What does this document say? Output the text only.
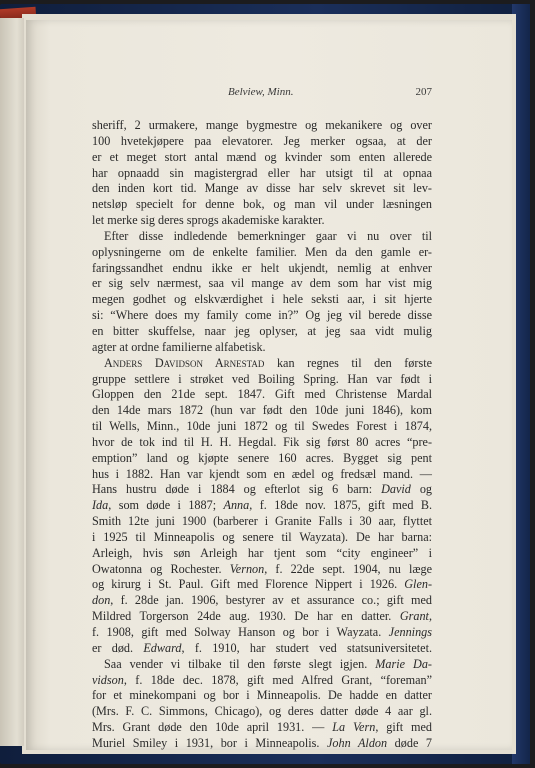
Belview, Minn.	207
sheriff, 2 urmakere, mange bygmestre og mekanikere og over
100 hvetekjøpere paa elevatorer. Jeg merker ogsaa, at der
er et meget stort antal mænd og kvinder som enten allerede
har opnaadd sin magistergrad eller har utsigt til at opnaa
den inden kort tid. Mange av disse har selv skrevet sit lev-
netsløp specielt for denne bok, og man vil under læsningen
let merke sig deres sprogs akademiske karakter.
Efter disse indledende bemerkninger gaar vi nu over til
oplysningerne om de enkelte familier. Men da den gamle er-
faringssandhet endnu ikke er helt ukjendt, nemlig at enhver
er sig selv nærmest, saa vil mange av dem som har vist mig
megen godhet og elskværdighet i hele seksti aar, i sit hjerte
si: “Where does my family come in?” Og jeg vil berede disse
en bitter skuffelse, naar jeg oplyser, at jeg saa vidt mulig
agter at ordne familierne alfabetisk.
Anders Davidson Arnestad kan regnes til den første
gruppe settlere i strøket ved Boiling Spring. Han var født i
Gloppen den 21de sept. 1847. Gift med Christense Mardal
den 14de mars 1872 (hun var født den 10de juni 1846), kom
til Wells, Minn., 10de juni 1872 og til Swedes Forest i 1874,
hvor de tok ind til H. H. Hegdal. Fik sig først 80 acres “pre-
emption” land og kjøpte senere 160 acres. Bygget sig pent
hus i 1882. Han var kjendt som en ædel og fredsæl mand. —
Hans hustru døde i 1884 og efterlot sig 6 barn: David og
Ida, som døde i 1887; Anna, f. 18de nov. 1875, gift med B.
Smith 12te juni 1900 (barberer i Granite Falls i 30 aar, flyttet
i 1925 til Minneapolis og senere til Wayzata). De har barna:
Arleigh, hvis søn Arleigh har tjent som “city engineer” i
Owatonna og Rochester. Vernon, f. 22de sept. 1904, nu læge
og kirurg i St. Paul. Gift med Florence Nippert i 1926. Glen-
don, f. 28de jan. 1906, bestyrer av et assurance co.; gift med
Mildred Torgerson 24de aug. 1930. De har en datter. Grant,
f. 1908, gift med Solway Hanson og bor i Wayzata. Jennings
er død. Edward, f. 1910, har studert ved statsuniversitetet.
Saa vender vi tilbake til den første slegt igjen. Marie Da-
vidson, f. 18de dec. 1878, gift med Alfred Grant, “foreman”
for et minekompani og bor i Minneapolis. De hadde en datter
(Mrs. F. C. Simmons, Chicago), og deres datter døde 4 aar gl.
Mrs. Grant døde den 10de april 1931. — La Vern, gift med
Muriel Smiley i 1931, bor i Minneapolis. John Aldon døde 7
